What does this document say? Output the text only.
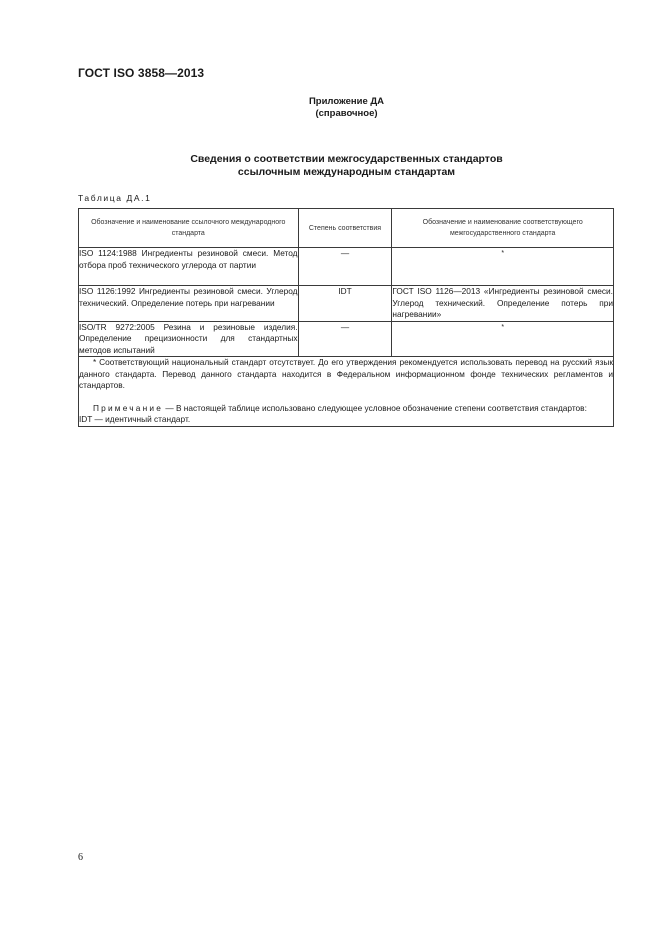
ГОСТ ISO 3858—2013
Приложение ДА
(справочное)
Сведения о соответствии межгосударственных стандартов
ссылочным международным стандартам
Таблица ДА.1
Обозначение и наименование ссылочного международного стандарта	Степень соответствия	Обозначение и наименование соответствующего межгосударственного стандарта
ISO 1124:1988 Ингредиенты резиновой смеси. Метод отбора проб технического углерода от партии	—	*
ISO 1126:1992 Ингредиенты резиновой смеси. Углерод технический. Определение потерь при нагревании	IDT	ГОСТ ISO 1126—2013 «Ингредиенты резиновой смеси. Углерод технический. Определение потерь при нагревании»
ISO/TR 9272:2005 Резина и резиновые изделия. Определение прецизионности для стандартных методов испытаний	—	*

* Соответствующий национальный стандарт отсутствует. До его утверждения рекомендуется использовать перевод на русский язык данного стандарта. Перевод данного стандарта находится в Федеральном информационном фонде технических регламентов и стандартов.

Примечание — В настоящей таблице использовано следующее условное обозначение степени соответствия стандартов:

IDT — идентичный стандарт.		

6
